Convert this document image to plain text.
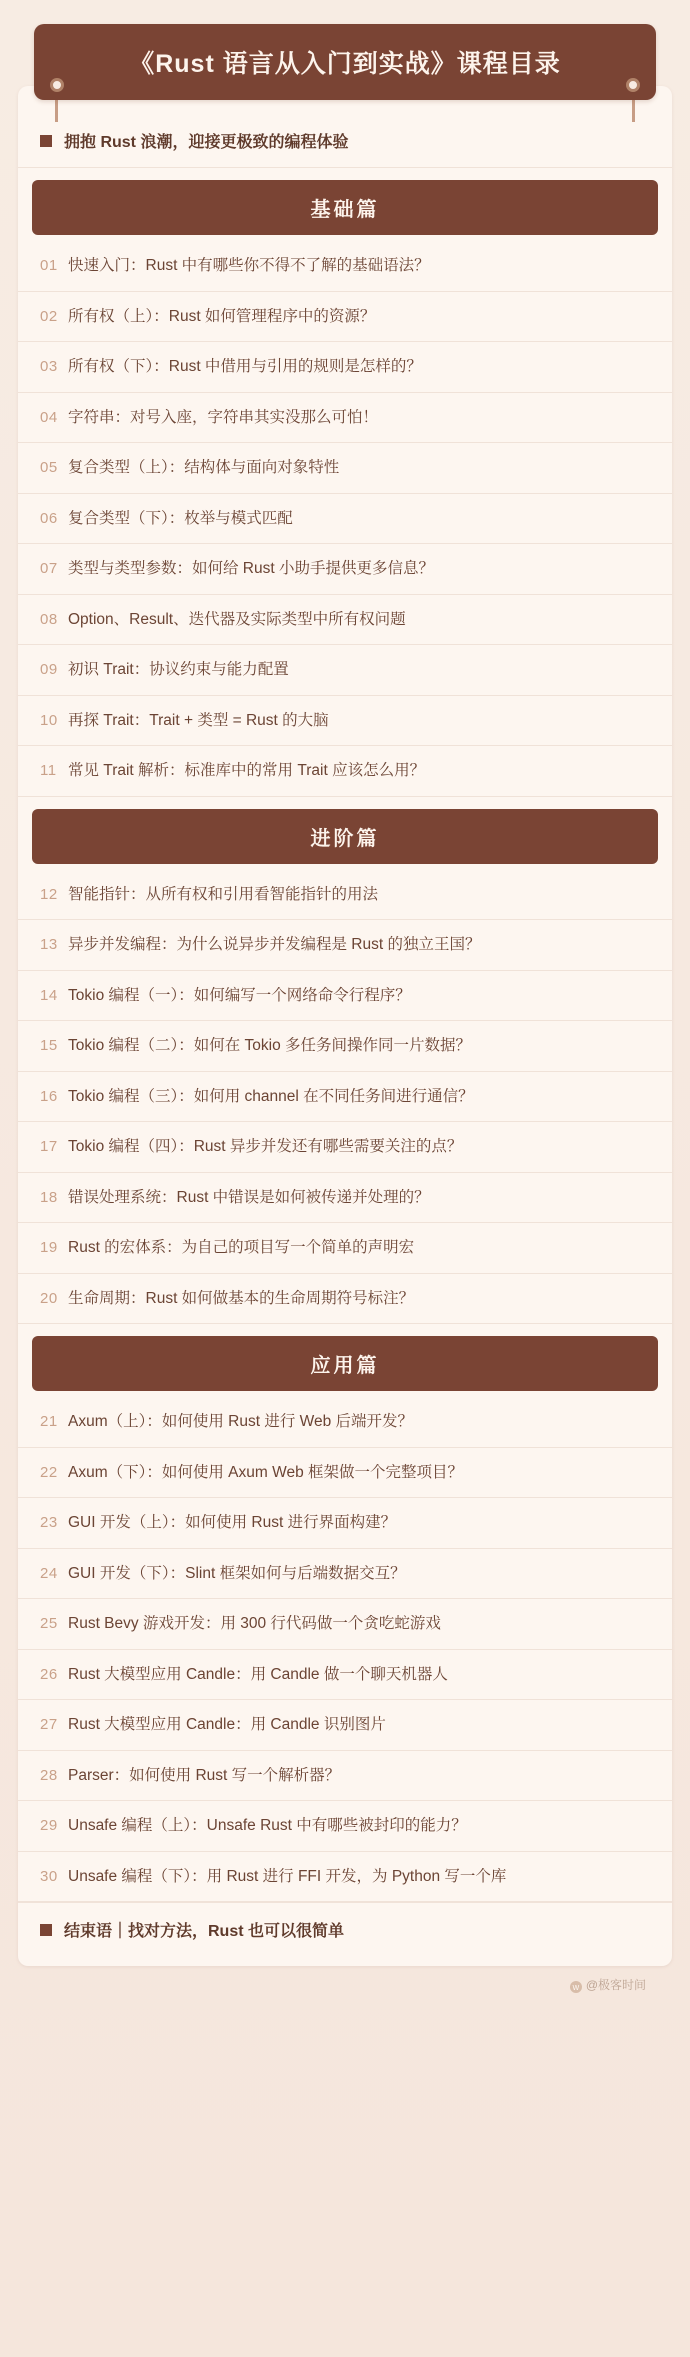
《Rust 语言从入门到实战》课程目录
拥抱 Rust 浪潮，迎接更极致的编程体验
基础篇
01 快速入门：Rust 中有哪些你不得不了解的基础语法？
02 所有权（上）：Rust 如何管理程序中的资源？
03 所有权（下）：Rust 中借用与引用的规则是怎样的？
04 字符串：对号入座，字符串其实没那么可怕！
05 复合类型（上）：结构体与面向对象特性
06 复合类型（下）：枚举与模式匹配
07 类型与类型参数：如何给 Rust 小助手提供更多信息？
08 Option、Result、迭代器及实际类型中所有权问题
09 初识 Trait：协议约束与能力配置
10 再探 Trait：Trait + 类型 = Rust 的大脑
11 常见 Trait 解析：标准库中的常用 Trait 应该怎么用？
进阶篇
12 智能指针：从所有权和引用看智能指针的用法
13 异步并发编程：为什么说异步并发编程是 Rust 的独立王国？
14 Tokio 编程（一）：如何编写一个网络命令行程序？
15 Tokio 编程（二）：如何在 Tokio 多任务间操作同一片数据？
16 Tokio 编程（三）：如何用 channel 在不同任务间进行通信？
17 Tokio 编程（四）：Rust 异步并发还有哪些需要关注的点？
18 错误处理系统：Rust 中错误是如何被传递并处理的？
19 Rust 的宏体系：为自己的项目写一个简单的声明宏
20 生命周期：Rust 如何做基本的生命周期符号标注？
应用篇
21 Axum（上）：如何使用 Rust 进行 Web 后端开发？
22 Axum（下）：如何使用 Axum Web 框架做一个完整项目？
23 GUI 开发（上）：如何使用 Rust 进行界面构建？
24 GUI 开发（下）：Slint 框架如何与后端数据交互？
25 Rust Bevy 游戏开发：用 300 行代码做一个贪吃蛇游戏
26 Rust 大模型应用 Candle：用 Candle 做一个聊天机器人
27 Rust 大模型应用 Candle：用 Candle 识别图片
28 Parser：如何使用 Rust 写一个解析器？
29 Unsafe 编程（上）：Unsafe Rust 中有哪些被封印的能力？
30 Unsafe 编程（下）：用 Rust 进行 FFI 开发，为 Python 写一个库
结束语｜找对方法，Rust 也可以很简单
w @极客时间
